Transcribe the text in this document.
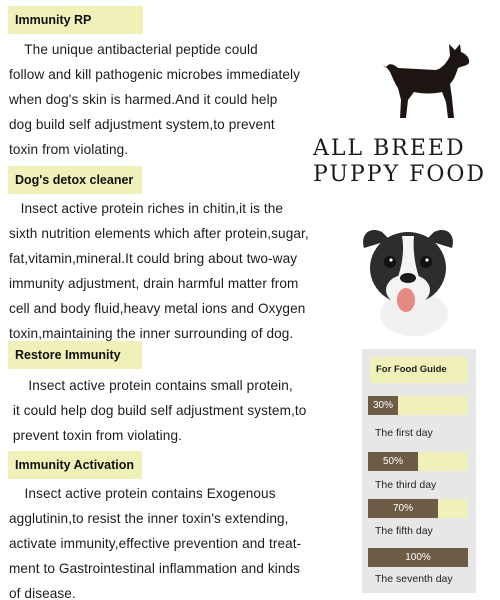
Immunity RP
The unique antibacterial peptide could
follow and kill pathogenic microbes immediately
when dog's skin is harmed.And it could help
dog build self adjustment system,to prevent
toxin from violating.
Dog's detox cleaner
Insect active protein riches in chitin,it is the
sixth nutrition elements which after protein,sugar,
fat,vitamin,mineral.It could bring about two-way
immunity adjustment, drain harmful matter from
cell and body fluid,heavy metal ions and Oxygen
toxin,maintaining the inner surrounding of dog.
Restore Immunity
Insect active protein contains small protein,
it could help dog build self adjustment system,to
prevent toxin from violating.
Immunity Activation
Insect active protein contains Exogenous
agglutinin,to resist the inner toxin's extending,
activate immunity,effective prevention and treat-
ment to Gastrointestinal inflammation and kinds
of disease.
ALL BREED
PUPPY FOOD
For Food Guide
30%
The first day
50%
The third day
70%
The fifth day
100%
The seventh day
